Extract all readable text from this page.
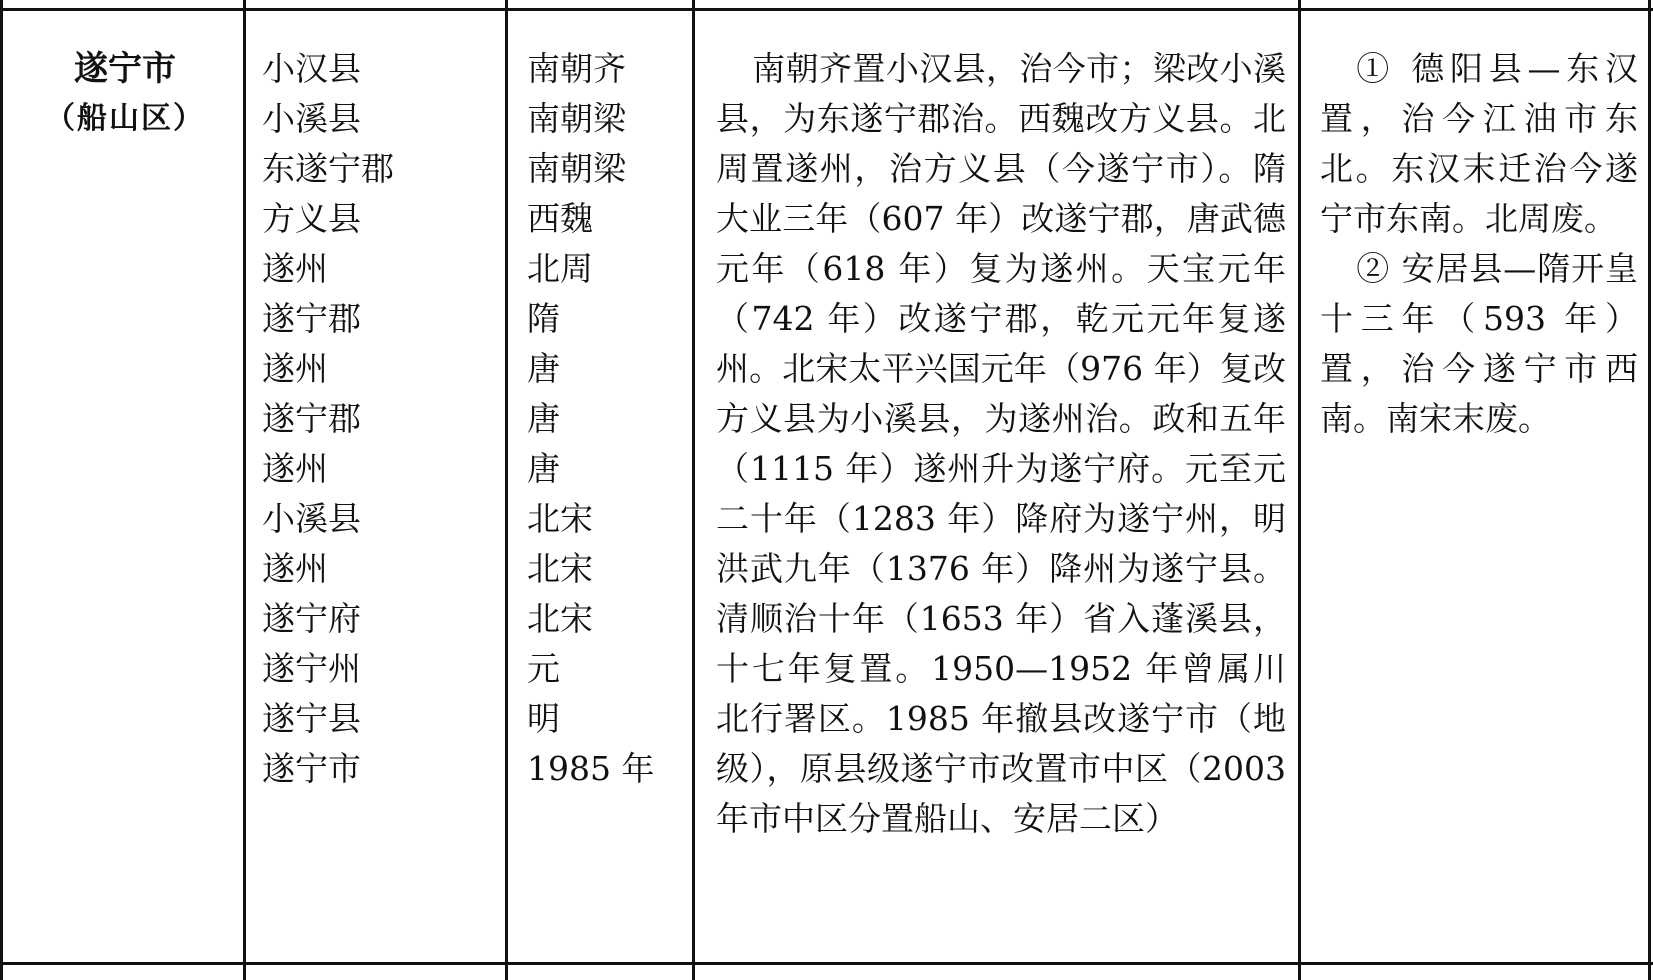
遂宁市
（船山区）
小汉县
小溪县
东遂宁郡
方义县
遂州
遂宁郡
遂州
遂宁郡
遂州
小溪县
遂州
遂宁府
遂宁州
遂宁县
遂宁市
南朝齐
南朝梁
南朝梁
西魏
北周
隋
唐
唐
唐
北宋
北宋
北宋
元
明
1985 年

南朝齐置小汉县，治今市；梁改小溪县，为东遂宁郡治。西魏改方义县。北周置遂州，治方义县（今遂宁市）。隋大业三年（607 年）改遂宁郡，唐武德元年（618 年）复为遂州。天宝元年（742 年）改遂宁郡，乾元元年复遂州。北宋太平兴国元年（976 年）复改方义县为小溪县，为遂州治。政和五年（1115 年）遂州升为遂宁府。元至元二十年（1283 年）降府为遂宁州，明洪武九年（1376 年）降州为遂宁县。清顺治十年（1653 年）省入蓬溪县，十七年复置。1950—1952 年曾属川北行署区。1985 年撤县改遂宁市（地级），原县级遂宁市改置市中区（2003 年市中区分置船山、安居二区）

① 德阳县—东汉置，治今江油市东北。东汉末迁治今遂宁市东南。北周废。

② 安居县—隋开皇十三年（593 年）置，治今遂宁市西南。南宋末废。
